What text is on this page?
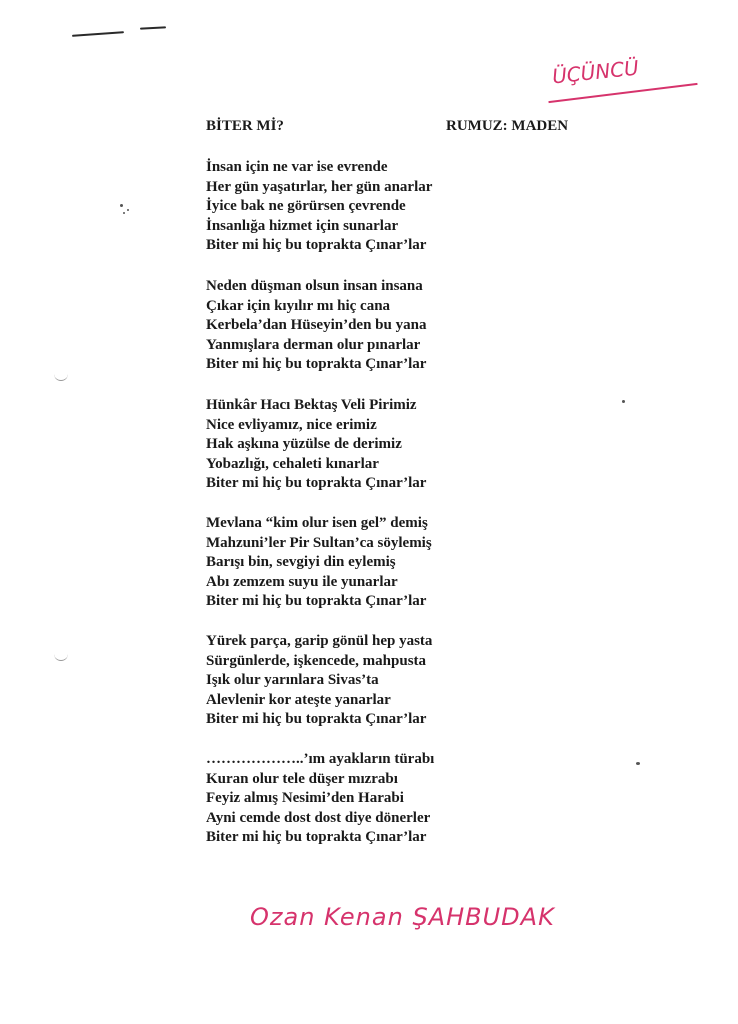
ÜÇÜNCÜ
BİTER Mİ?	RUMUZ: MADEN
İnsan için ne var ise evrende
Her gün yaşatırlar, her gün anarlar
İyice bak ne görürsen çevrende
İnsanlığa hizmet için sunarlar
Biter mi hiç bu toprakta Çınar’lar
Neden düşman olsun insan insana
Çıkar için kıyılır mı hiç cana
Kerbela’dan Hüseyin’den bu yana
Yanmışlara derman olur pınarlar
Biter mi hiç bu toprakta Çınar’lar
Hünkâr Hacı Bektaş Veli Pirimiz
Nice evliyamız, nice erimiz
Hak aşkına yüzülse de derimiz
Yobazlığı, cehaleti kınarlar
Biter mi hiç bu toprakta Çınar’lar
Mevlana “kim olur isen gel” demiş
Mahzuni’ler Pir Sultan’ca söylemiş
Barışı bin, sevgiyi din eylemiş
Abı zemzem suyu ile yunarlar
Biter mi hiç bu toprakta Çınar’lar
Yürek parça, garip gönül hep yasta
Sürgünlerde, işkencede, mahpusta
Işık olur yarınlara Sivas’ta
Alevlenir kor ateşte yanarlar
Biter mi hiç bu toprakta Çınar’lar
………………..’ım ayakların türabı
Kuran olur tele düşer mızrabı
Feyiz almış Nesimi’den Harabi
Ayni cemde dost dost diye dönerler
Biter mi hiç bu toprakta Çınar’lar
Ozan Kenan ŞAHBUDAK
